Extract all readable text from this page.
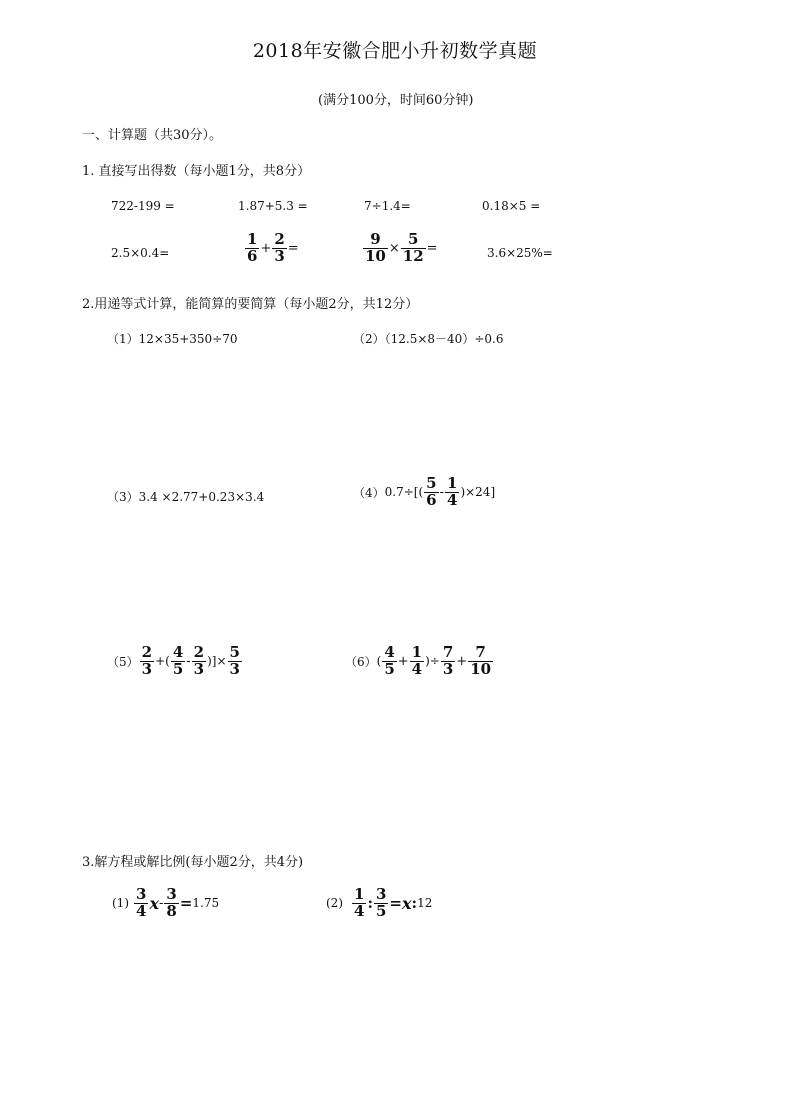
2018年安徽合肥小升初数学真题
(满分100分，时间60分钟)
一、计算题（共30分）。
1. 直接写出得数（每小题1分，共8分）
722-199 =	1.87+5.3 =	7÷1.4=	0.18×5 =
2.5×0.4=	$\frac{1}{6} + \frac{2}{3}$ =	$\frac{9}{10} \times \frac{5}{12}$ =	3.6×25%=
2.用递等式计算，能简算的要简算（每小题2分，共12分）
（1）12×35+350÷70	（2）（12.5×8－40）÷0.6
（3）3.4 ×2.77+0.23×3.4	（4） $0.7\div[( \frac{5}{6} - \frac{1}{4} )\times 24]$
$(5) \frac{2}{3}$ +( $\frac{4}{5} - \frac{2}{3}$ )]× $\frac{5}{3}$	（6） ( $\frac{4}{5} + \frac{1}{4}$ )÷ $\frac{7}{3} + \frac{7}{10}$
3.解方程或解比例(每小题2分，共4分)
$(1) \frac{3}{4}$ $x - \frac{3}{8} = 1.75$	$(2) \frac{1}{4}$ : $\frac{3}{5} = x$ : 12
